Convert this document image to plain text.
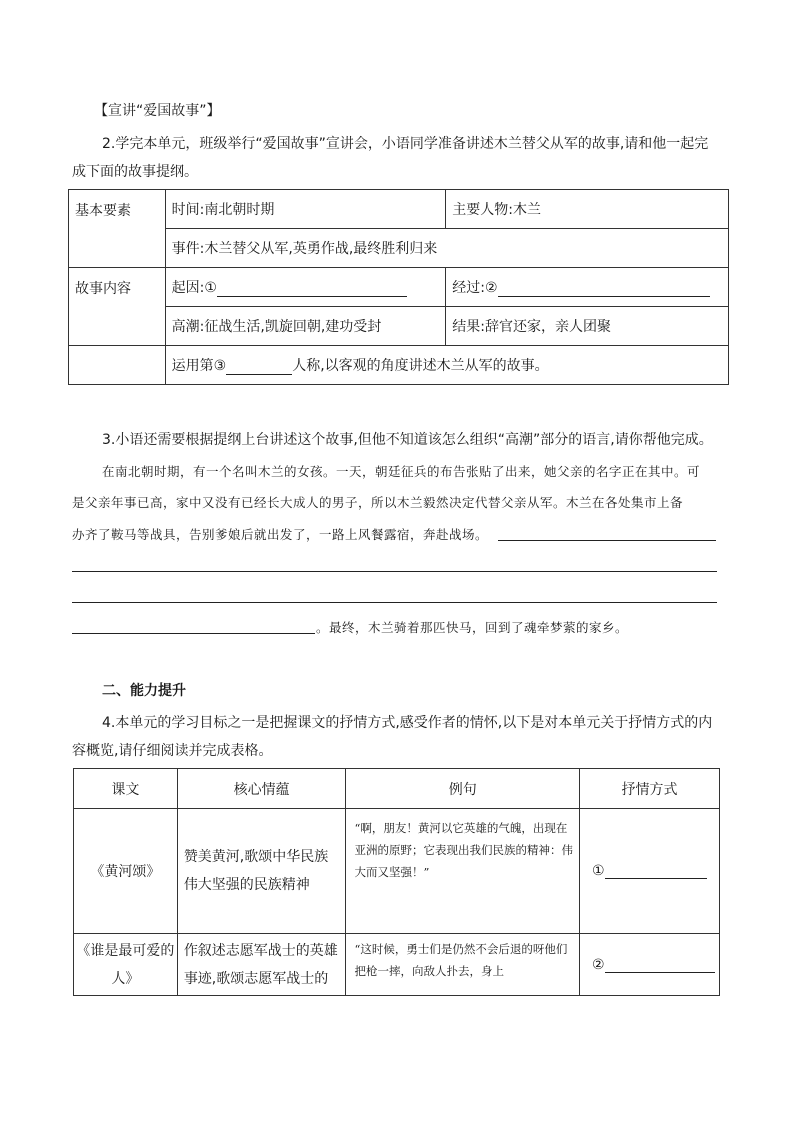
【宣讲“爱国故事”】
2.学完本单元，班级举行“爱国故事”宣讲会，小语同学准备讲述木兰替父从军的故事,请和他一起完
成下面的故事提纲。
基本要素	时间:南北朝时期	主要人物:木兰
	事件:木兰替父从军,英勇作战,最终胜利归来	
故事内容	起因:①	经过:②
	高潮:征战生活,凯旋回朝,建功受封	结果:辞官还家，亲人团聚
	运用第③ 人称,以客观的角度讲述木兰从军的故事。	
3.小语还需要根据提纲上台讲述这个故事,但他不知道该怎么组织“高潮”部分的语言,请你帮他完成。
在南北朝时期，有一个名叫木兰的女孩。一天，朝廷征兵的布告张贴了出来，她父亲的名字正在其中。可
是父亲年事已高，家中又没有已经长大成人的男子，所以木兰毅然决定代替父亲从军。木兰在各处集市上备
办齐了鞍马等战具，告别爹娘后就出发了，一路上风餐露宿，奔赴战场。
。最终，木兰骑着那匹快马，回到了魂牵梦萦的家乡。
二、能力提升
4.本单元的学习目标之一是把握课文的抒情方式,感受作者的情怀,以下是对本单元关于抒情方式的内
容概览,请仔细阅读并完成表格。
课文	核心情蕴	例句	抒情方式
《黄河颂》	赞美黄河,歌颂中华民族伟大坚强的民族精神	“啊，朋友！黄河以它英雄的气魄，出现在亚洲的原野；它表现出我们民族的精神：伟大而又坚强！”	①
《谁是最可爱的人》	作叙述志愿军战士的英雄事迹,歌颂志愿军战士的	“这时候，勇士们是仍然不会后退的呀他们把枪一摔，向敌人扑去，身上	②
